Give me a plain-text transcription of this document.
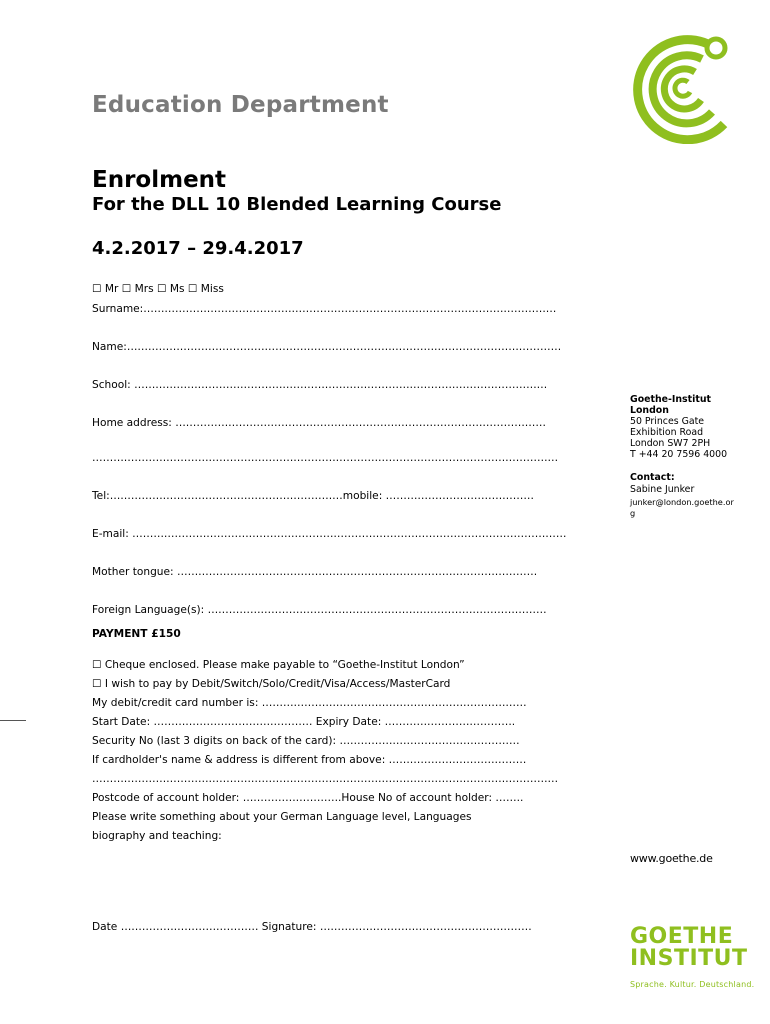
Education Department
Enrolment
For the DLL 10 Blended Learning Course
4.2.2017 – 29.4.2017
☐ Mr ☐ Mrs ☐ Ms ☐ Miss
Surname:………………………………………………………………………………………………………
Name:……………………………………………………………………………………………………………
School: ………………………………………………………………………………………………………
Home address: ……………………………………………………………………………………………
……………………………………………………………………………………………………………………
Tel:…………………………………………………………mobile: ……………………………………
E-mail: ……………………………………………………………………………………………………………
Mother tongue: …………………………………………………………………………………………
Foreign Language(s): ……………………………………………………………………………………
PAYMENT £150
☐ Cheque enclosed. Please make payable to “Goethe-Institut London”
☐ I wish to pay by Debit/Switch/Solo/Credit/Visa/Access/MasterCard
My debit/credit card number is: …………………………………………………………………
Start Date: ……………………………………… Expiry Date: ……………………………….
Security No (last 3 digits on back of the card): ……………………………………………
If cardholder's name & address is different from above: …………………………………
……………………………………………………………………………………………………………………
Postcode of account holder: ……………………….House No of account holder: ……..
Please write something about your German Language level, Languages
biography and teaching:
Date ………………………………… Signature: ……………………………………………………
Goethe-Institut
London
50 Princes Gate
Exhibition Road
London SW7 2PH
T +44 20 7596 4000
Contact:
Sabine Junker
junker@london.goethe.or
g
www.goethe.de
GOETHE
INSTITUT
Sprache. Kultur. Deutschland.
